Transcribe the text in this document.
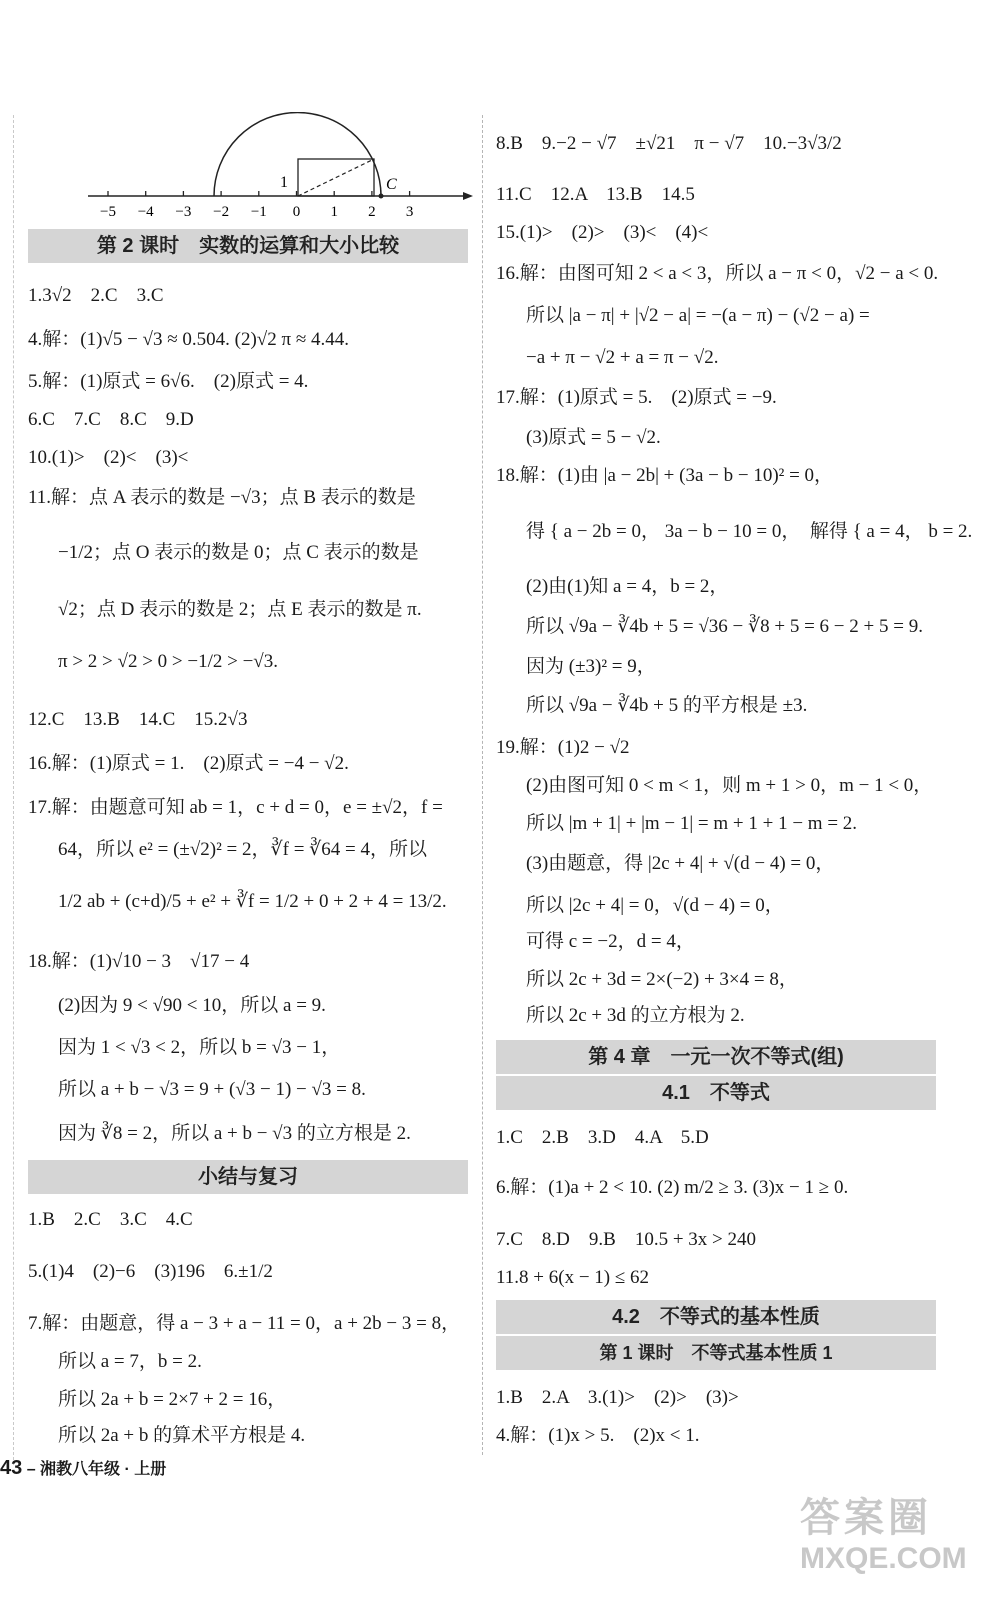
−5 −4 −3 −2 −1 0 1 2 3
1	C
第 2 课时　实数的运算和大小比较
1.3√2　2.C　3.C
4.解：(1)√5 − √3 ≈ 0.504. (2)√2 π ≈ 4.44.
5.解：(1)原式 = 6√6.　(2)原式 = 4.
6.C　7.C　8.C　9.D
10.(1)>　(2)<　(3)<
11.解：点 A 表示的数是 −√3；点 B 表示的数是
−1/2；点 O 表示的数是 0；点 C 表示的数是
√2；点 D 表示的数是 2；点 E 表示的数是 π.
π > 2 > √2 > 0 > −1/2 > −√3.
12.C　13.B　14.C　15.2√3
16.解：(1)原式 = 1.　(2)原式 = −4 − √2.
17.解：由题意可知 ab = 1，c + d = 0，e = ±√2，f =
64，所以 e² = (±√2)² = 2，∛f = ∛64 = 4，所以
1/2 ab + (c+d)/5 + e² + ∛f = 1/2 + 0 + 2 + 4 = 13/2.
18.解：(1)√10 − 3　√17 − 4
(2)因为 9 < √90 < 10，所以 a = 9.
因为 1 < √3 < 2，所以 b = √3 − 1，
所以 a + b − √3 = 9 + (√3 − 1) − √3 = 8.
因为 ∛8 = 2，所以 a + b − √3 的立方根是 2.
小结与复习
1.B　2.C　3.C　4.C
5.(1)4　(2)−6　(3)196　6.±1/2
7.解：由题意，得 a − 3 + a − 11 = 0，a + 2b − 3 = 8，
所以 a = 7，b = 2.
所以 2a + b = 2×7 + 2 = 16，
所以 2a + b 的算术平方根是 4.
8.B　9.−2 − √7　±√21　π − √7　10.−3√3/2
11.C　12.A　13.B　14.5
15.(1)>　(2)>　(3)<　(4)<
16.解：由图可知 2 < a < 3，所以 a − π < 0，√2 − a < 0.
所以 |a − π| + |√2 − a| = −(a − π) − (√2 − a) =
−a + π − √2 + a = π − √2.
17.解：(1)原式 = 5.　(2)原式 = −9.
(3)原式 = 5 − √2.
18.解：(1)由 |a − 2b| + (3a − b − 10)² = 0，
得 { a − 2b = 0， 3a − b − 10 = 0，　解得 { a = 4， b = 2.
(2)由(1)知 a = 4，b = 2，
所以 √9a − ∛4b + 5 = √36 − ∛8 + 5 = 6 − 2 + 5 = 9.
因为 (±3)² = 9，
所以 √9a − ∛4b + 5 的平方根是 ±3.
19.解：(1)2 − √2
(2)由图可知 0 < m < 1，则 m + 1 > 0，m − 1 < 0，
所以 |m + 1| + |m − 1| = m + 1 + 1 − m = 2.
(3)由题意，得 |2c + 4| + √(d − 4) = 0，
所以 |2c + 4| = 0，√(d − 4) = 0，
可得 c = −2，d = 4，
所以 2c + 3d = 2×(−2) + 3×4 = 8，
所以 2c + 3d 的立方根为 2.
第 4 章　一元一次不等式(组)
4.1　不等式
1.C　2.B　3.D　4.A　5.D
6.解：(1)a + 2 < 10. (2) m/2 ≥ 3. (3)x − 1 ≥ 0.
7.C　8.D　9.B　10.5 + 3x > 240
11.8 + 6(x − 1) ≤ 62
4.2　不等式的基本性质
第 1 课时　不等式基本性质 1
1.B　2.A　3.(1)>　(2)>　(3)>
4.解：(1)x > 5.　(2)x < 1.
43 – 湘教八年级 · 上册
答案圈
MXQE.COM
